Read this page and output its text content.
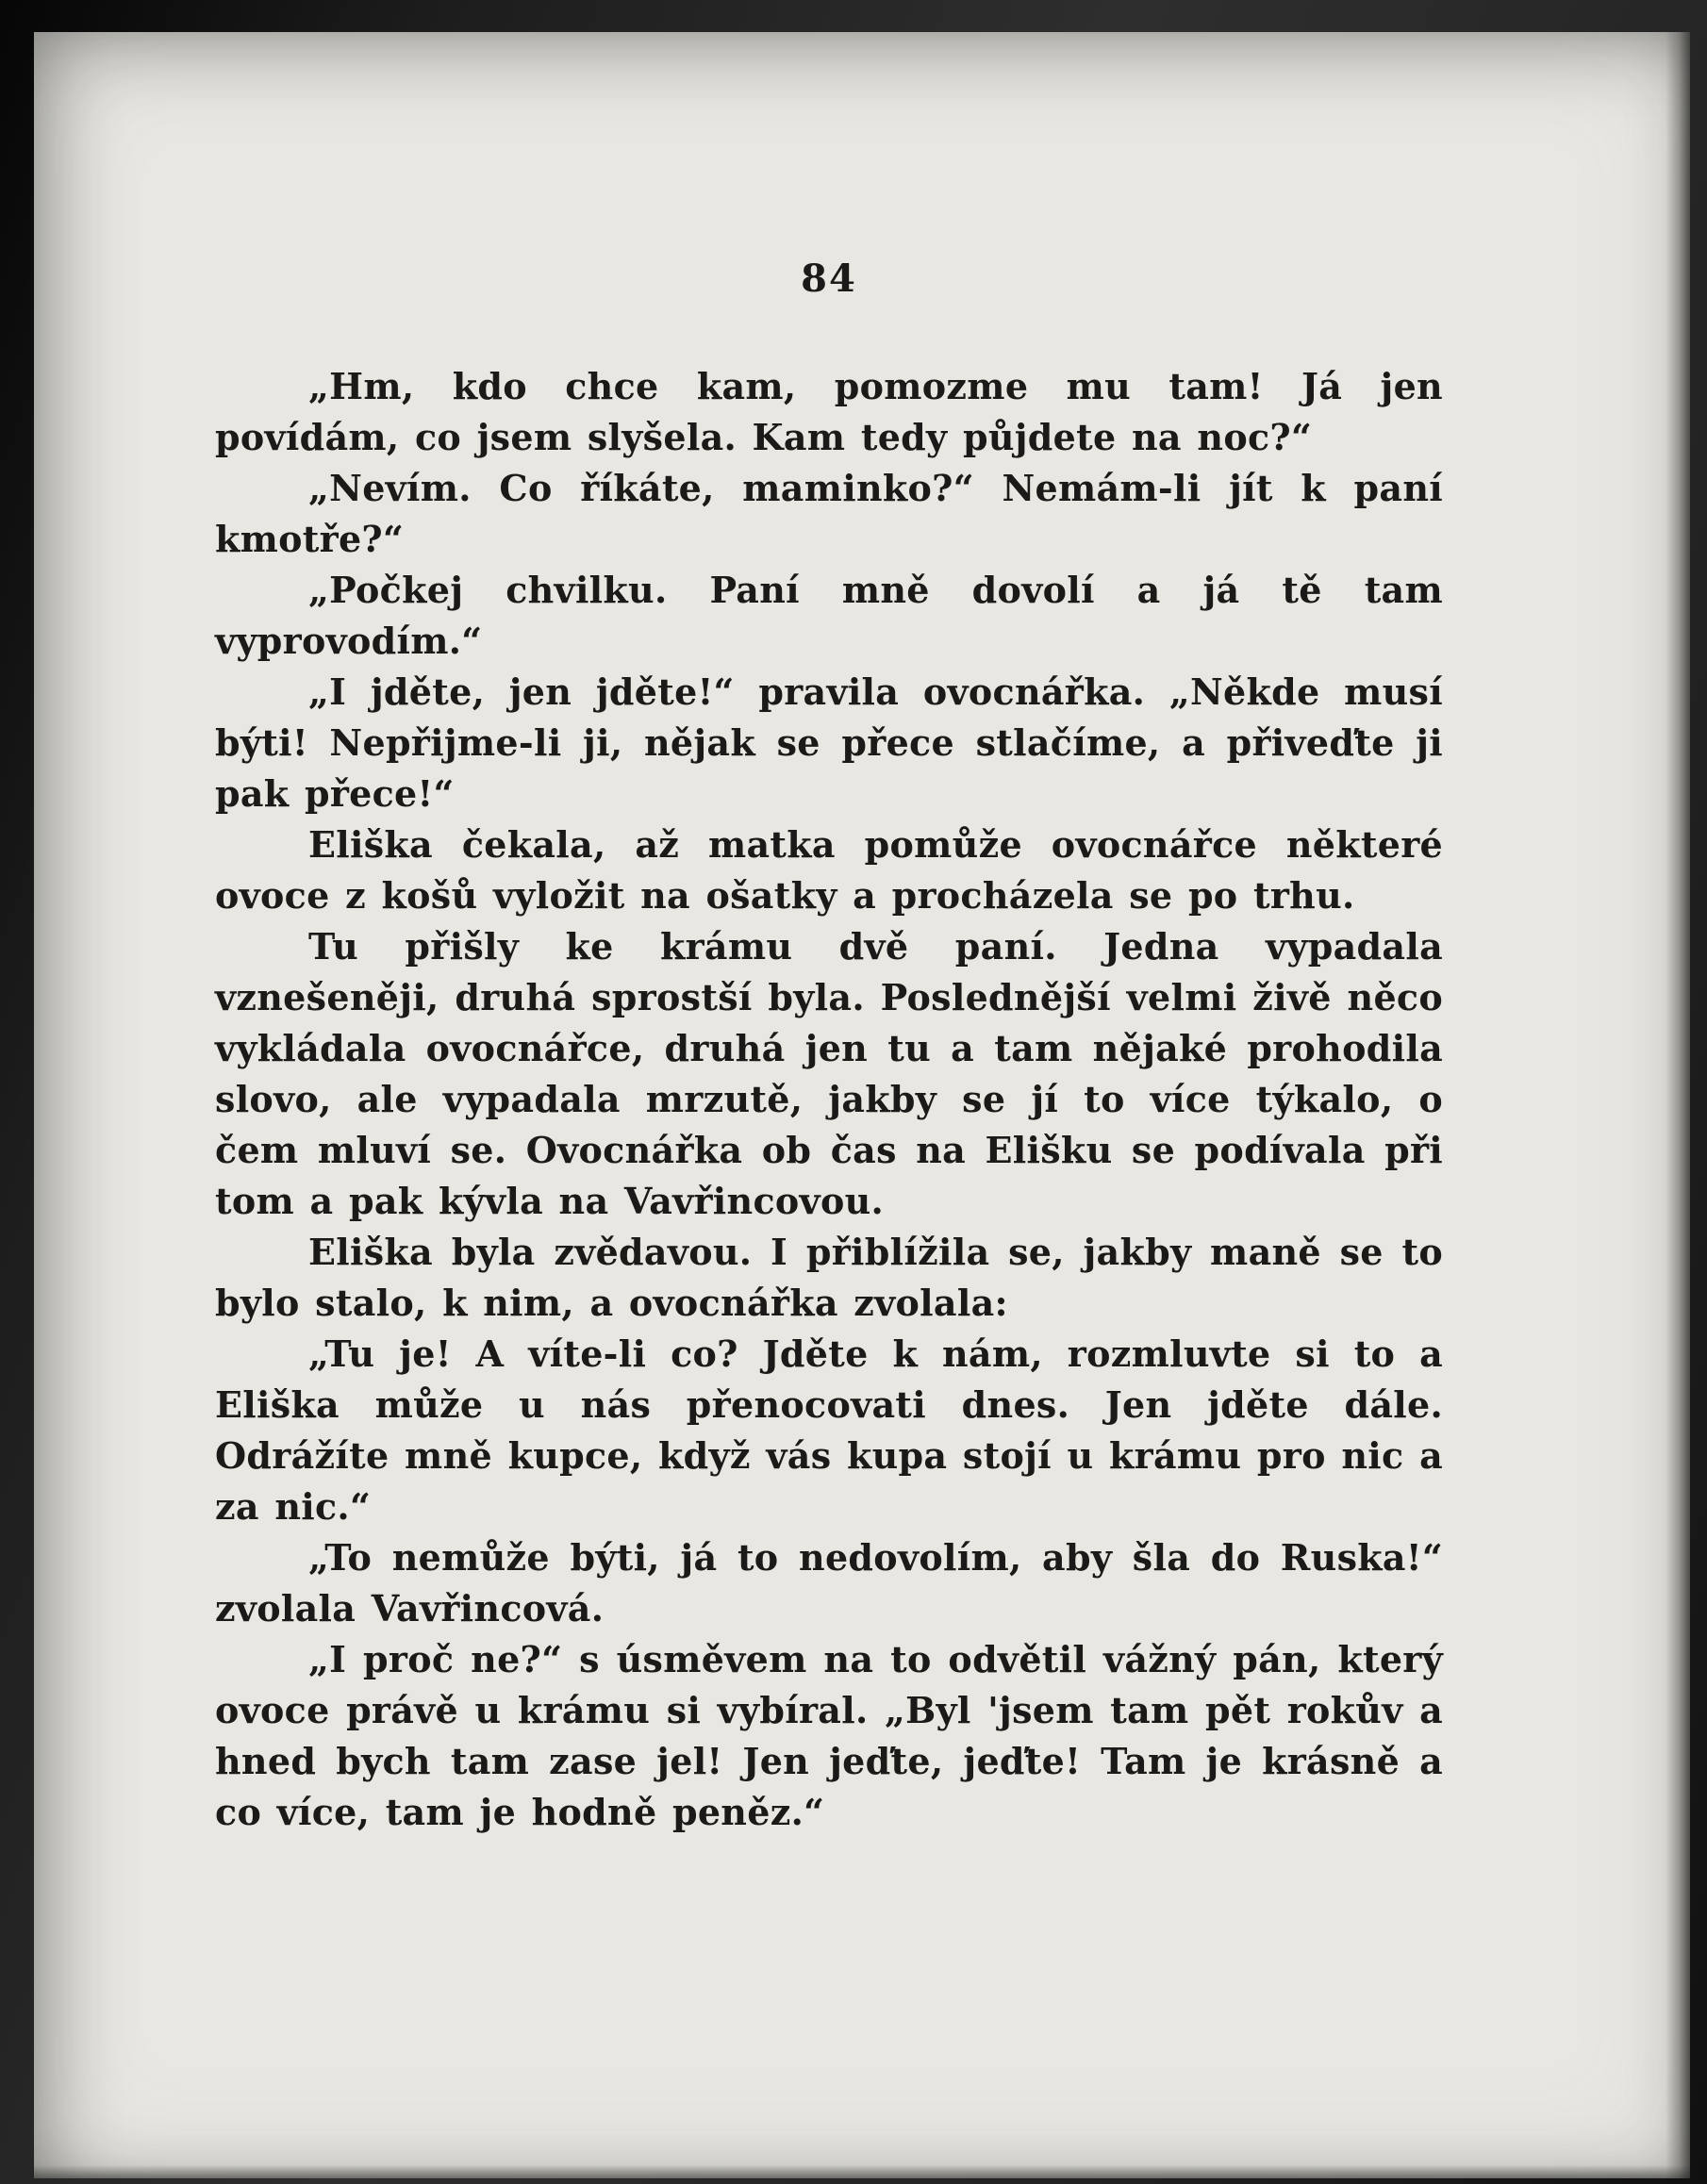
84

„Hm, kdo chce kam, pomozme mu tam! Já jen povídám, co jsem slyšela. Kam tedy půjdete na noc?“

„Nevím. Co říkáte, maminko?“ Nemám-li jít k paní kmotře?“

„Počkej chvilku. Paní mně dovolí a já tě tam vyprovodím.“

„I jděte, jen jděte!“ pravila ovocnářka. „Někde musí býti! Nepřijme-li ji, nějak se přece stlačíme, a přiveďte ji pak přece!“

Eliška čekala, až matka pomůže ovocnářce některé ovoce z košů vyložit na ošatky a procházela se po trhu.

Tu přišly ke krámu dvě paní. Jedna vypadala vznešeněji, druhá sprostší byla. Poslednější velmi živě něco vykládala ovocnářce, druhá jen tu a tam nějaké prohodila slovo, ale vypadala mrzutě, jakby se jí to více týkalo, o čem mluví se. Ovocnářka ob čas na Elišku se podívala při tom a pak kývla na Vavřincovou.

Eliška byla zvědavou. I přiblížila se, jakby maně se to bylo stalo, k nim, a ovocnářka zvolala:

„Tu je! A víte-li co? Jděte k nám, rozmluvte si to a Eliška může u nás přenocovati dnes. Jen jděte dále. Odrážíte mně kupce, když vás kupa stojí u krámu pro nic a za nic.“

„To nemůže býti, já to nedovolím, aby šla do Ruska!“ zvolala Vavřincová.

„I proč ne?“ s úsměvem na to odvětil vážný pán, který ovoce právě u krámu si vybíral. „Byl 'jsem tam pět rokův a hned bych tam zase jel! Jen jeďte, jeďte! Tam je krásně a co více, tam je hodně peněz.“
